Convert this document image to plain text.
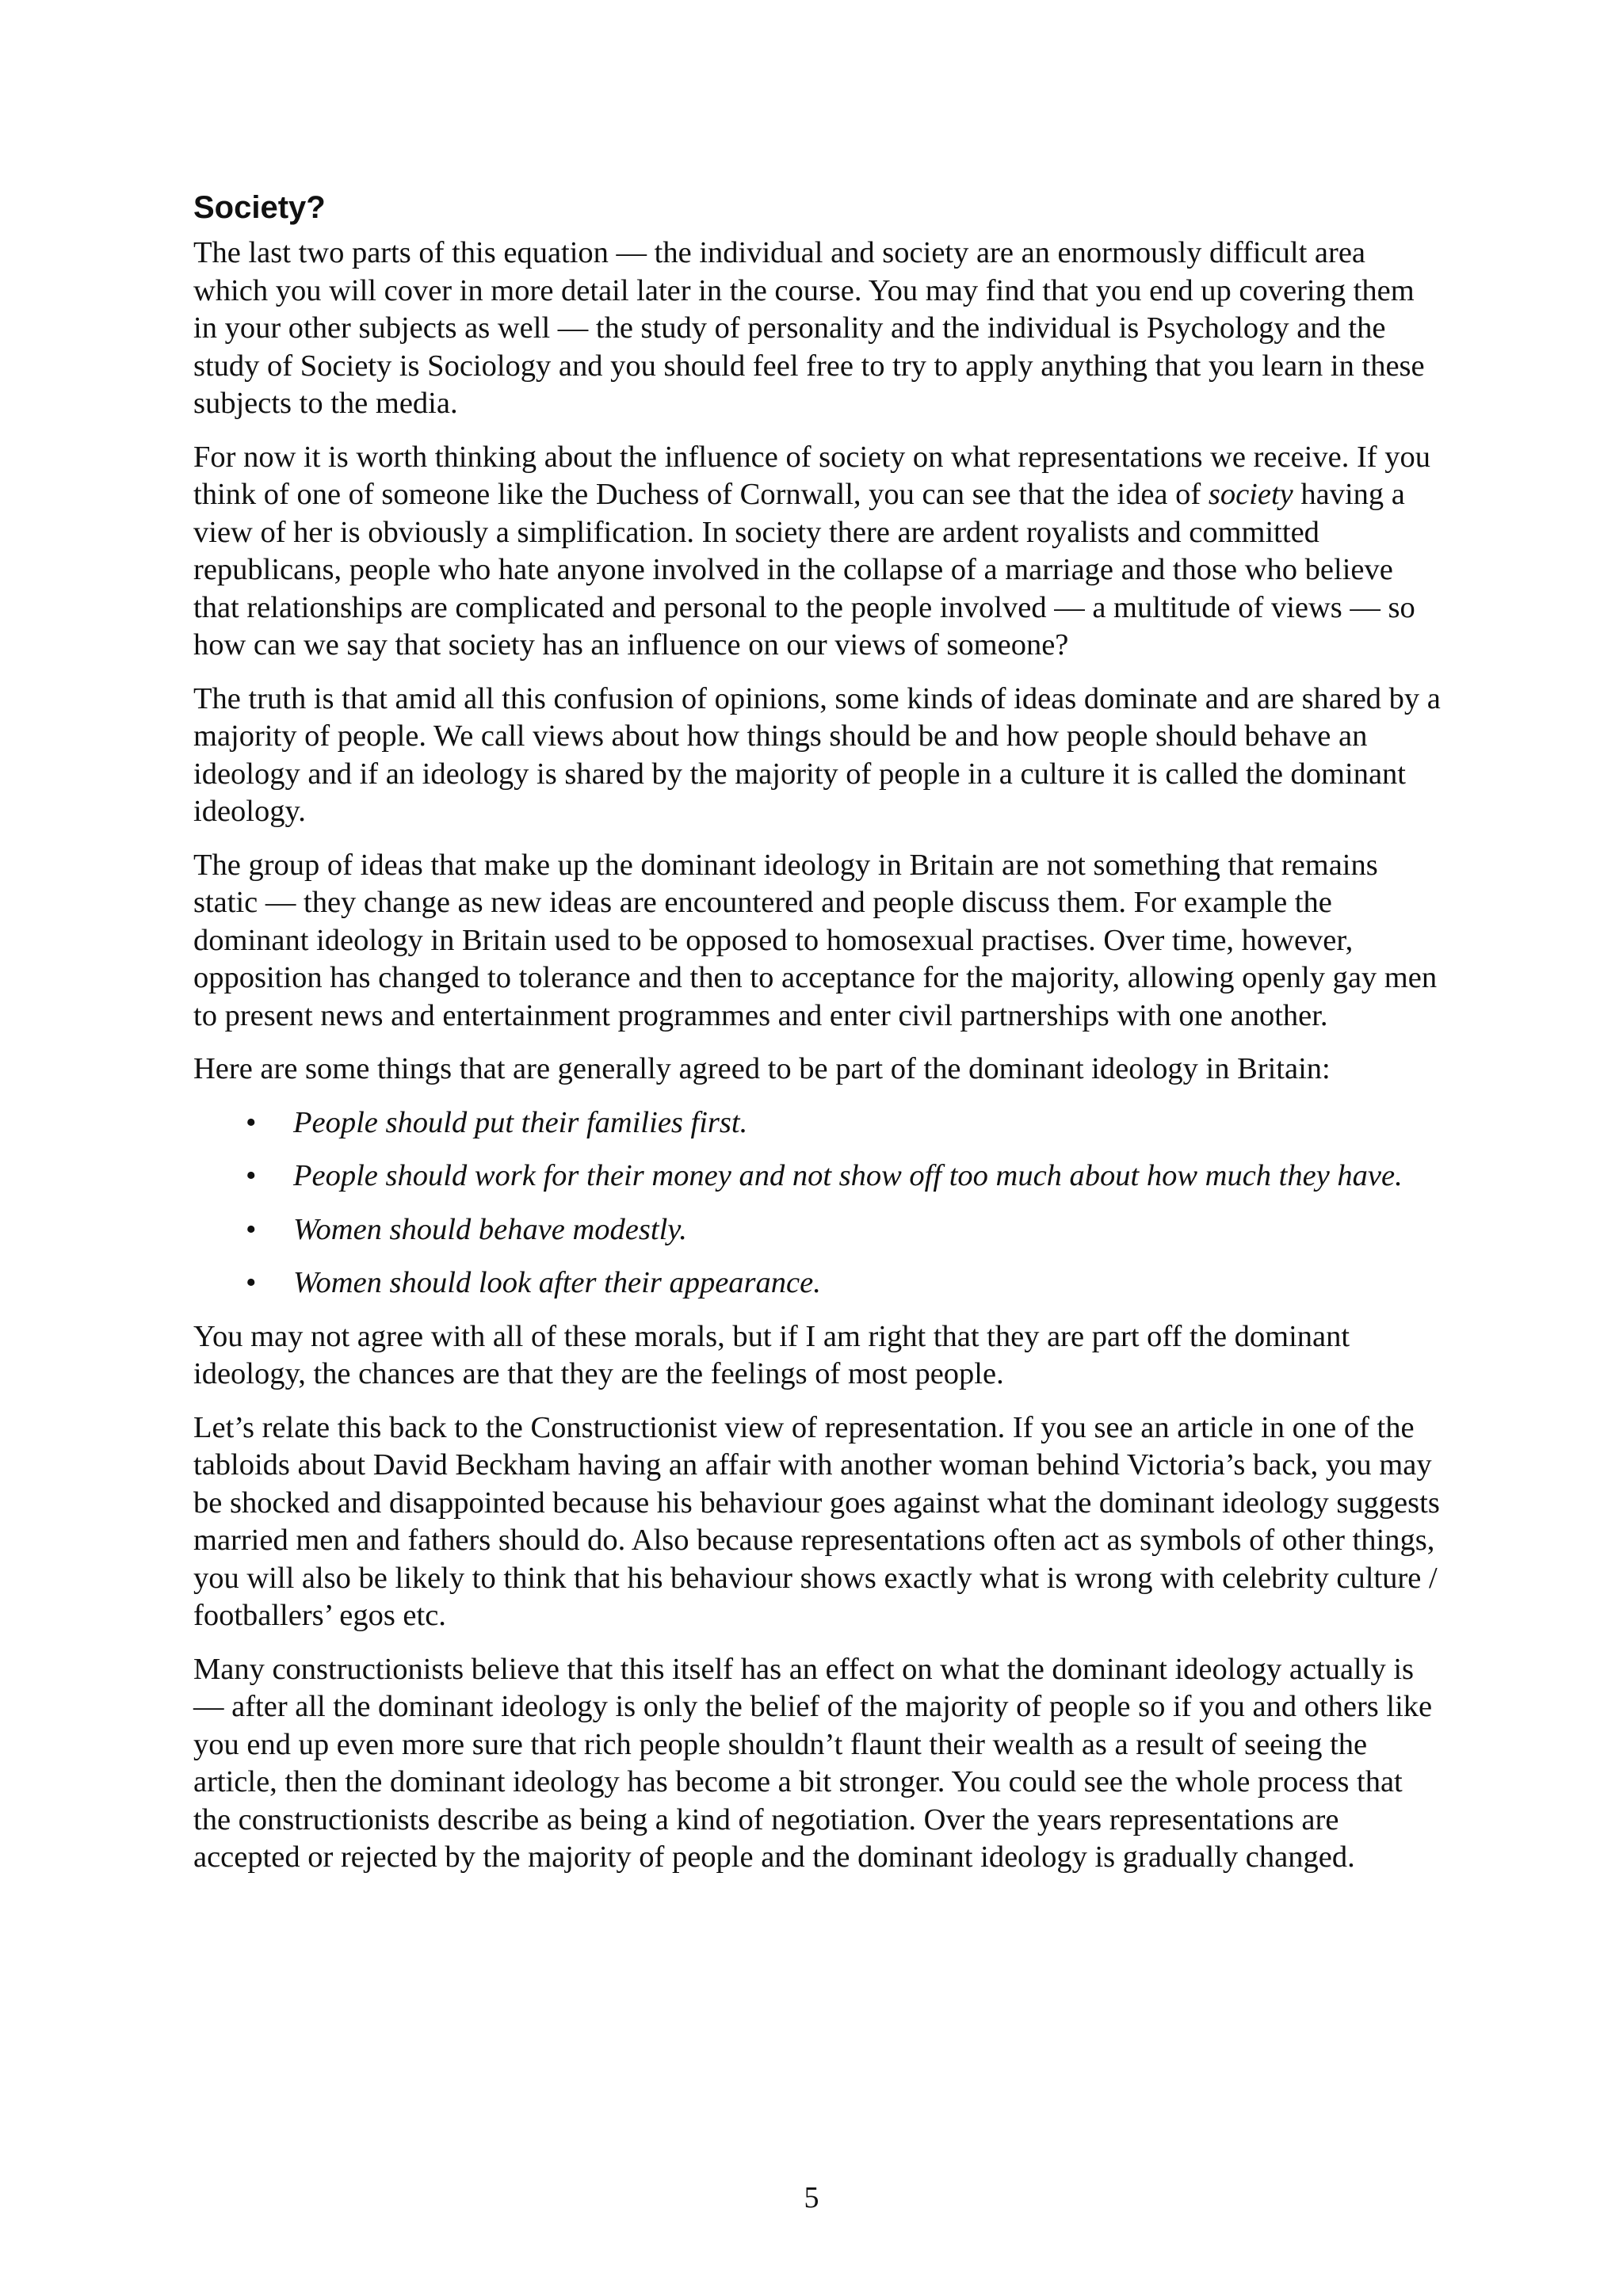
Society?

The last two parts of this equation — the individual and society are an enormously difficult area which you will cover in more detail later in the course. You may find that you end up covering them in your other subjects as well — the study of personality and the individual is Psychology and the study of Society is Sociology and you should feel free to try to apply anything that you learn in these subjects to the media.

For now it is worth thinking about the influence of society on what representations we receive. If you think of one of someone like the Duchess of Cornwall, you can see that the idea of society having a view of her is obviously a simplification. In society there are ardent royalists and committed republicans, people who hate anyone involved in the collapse of a marriage and those who believe that relationships are complicated and personal to the people involved — a multitude of views — so how can we say that society has an influence on our views of someone?

The truth is that amid all this confusion of opinions, some kinds of ideas dominate and are shared by a majority of people. We call views about how things should be and how people should behave an ideology and if an ideology is shared by the majority of people in a culture it is called the dominant ideology.

The group of ideas that make up the dominant ideology in Britain are not something that remains static — they change as new ideas are encountered and people discuss them. For example the dominant ideology in Britain used to be opposed to homosexual practises. Over time, however, opposition has changed to tolerance and then to acceptance for the majority, allowing openly gay men to present news and entertainment programmes and enter civil partnerships with one another.

Here are some things that are generally agreed to be part of the dominant ideology in Britain:

• People should put their families first.
• People should work for their money and not show off too much about how much they have.
• Women should behave modestly.
• Women should look after their appearance.

You may not agree with all of these morals, but if I am right that they are part off the dominant ideology, the chances are that they are the feelings of most people.

Let’s relate this back to the Constructionist view of representation. If you see an article in one of the tabloids about David Beckham having an affair with another woman behind Victoria’s back, you may be shocked and disappointed because his behaviour goes against what the dominant ideology suggests married men and fathers should do. Also because representations often act as symbols of other things, you will also be likely to think that his behaviour shows exactly what is wrong with celebrity culture / footballers’ egos etc.

Many constructionists believe that this itself has an effect on what the dominant ideology actually is — after all the dominant ideology is only the belief of the majority of people so if you and others like you end up even more sure that rich people shouldn’t flaunt their wealth as a result of seeing the article, then the dominant ideology has become a bit stronger. You could see the whole process that the constructionists describe as being a kind of negotiation. Over the years representations are accepted or rejected by the majority of people and the dominant ideology is gradually changed.

5
